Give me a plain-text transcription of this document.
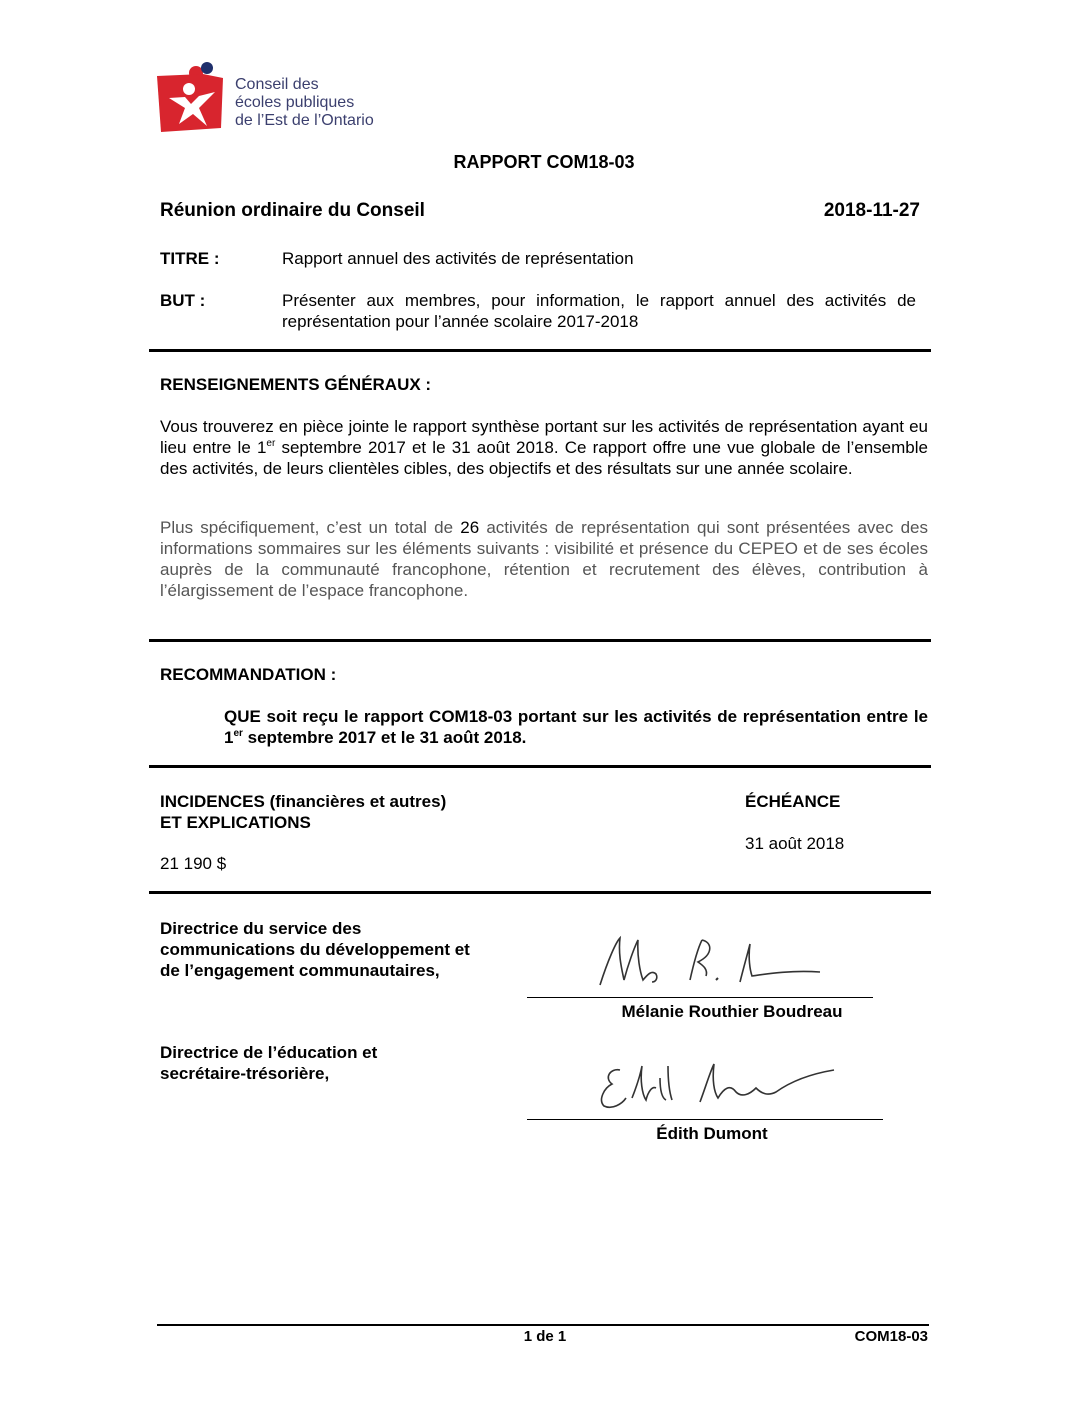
Conseil des
écoles publiques
de l’Est de l’Ontario
RAPPORT COM18-03
Réunion ordinaire du Conseil	2018-11-27
TITRE :	Rapport annuel des activités de représentation
BUT :	Présenter aux membres, pour information, le rapport annuel des activités de représentation pour l’année scolaire 2017-2018
RENSEIGNEMENTS GÉNÉRAUX :
Vous trouverez en pièce jointe le rapport synthèse portant sur les activités de représentation ayant eu lieu entre le 1er septembre 2017 et le 31 août 2018. Ce rapport offre une vue globale de l’ensemble des activités, de leurs clientèles cibles, des objectifs et des résultats sur une année scolaire.
Plus spécifiquement, c’est un total de 26 activités de représentation qui sont présentées avec des informations sommaires sur les éléments suivants : visibilité et présence du CEPEO et de ses écoles auprès de la communauté francophone, rétention et recrutement des élèves, contribution à l’élargissement de l’espace francophone.
RECOMMANDATION :
QUE soit reçu le rapport COM18-03 portant sur les activités de représentation entre le 1er septembre 2017 et le 31 août 2018.
INCIDENCES (financières et autres)
ET EXPLICATIONS
21 190 $
ÉCHÉANCE
31 août 2018
Directrice du service des
communications du développement et
de l’engagement communautaires,
Mélanie Routhier Boudreau
Directrice de l’éducation et
secrétaire-trésorière,
Édith Dumont
1 de 1	COM18-03
